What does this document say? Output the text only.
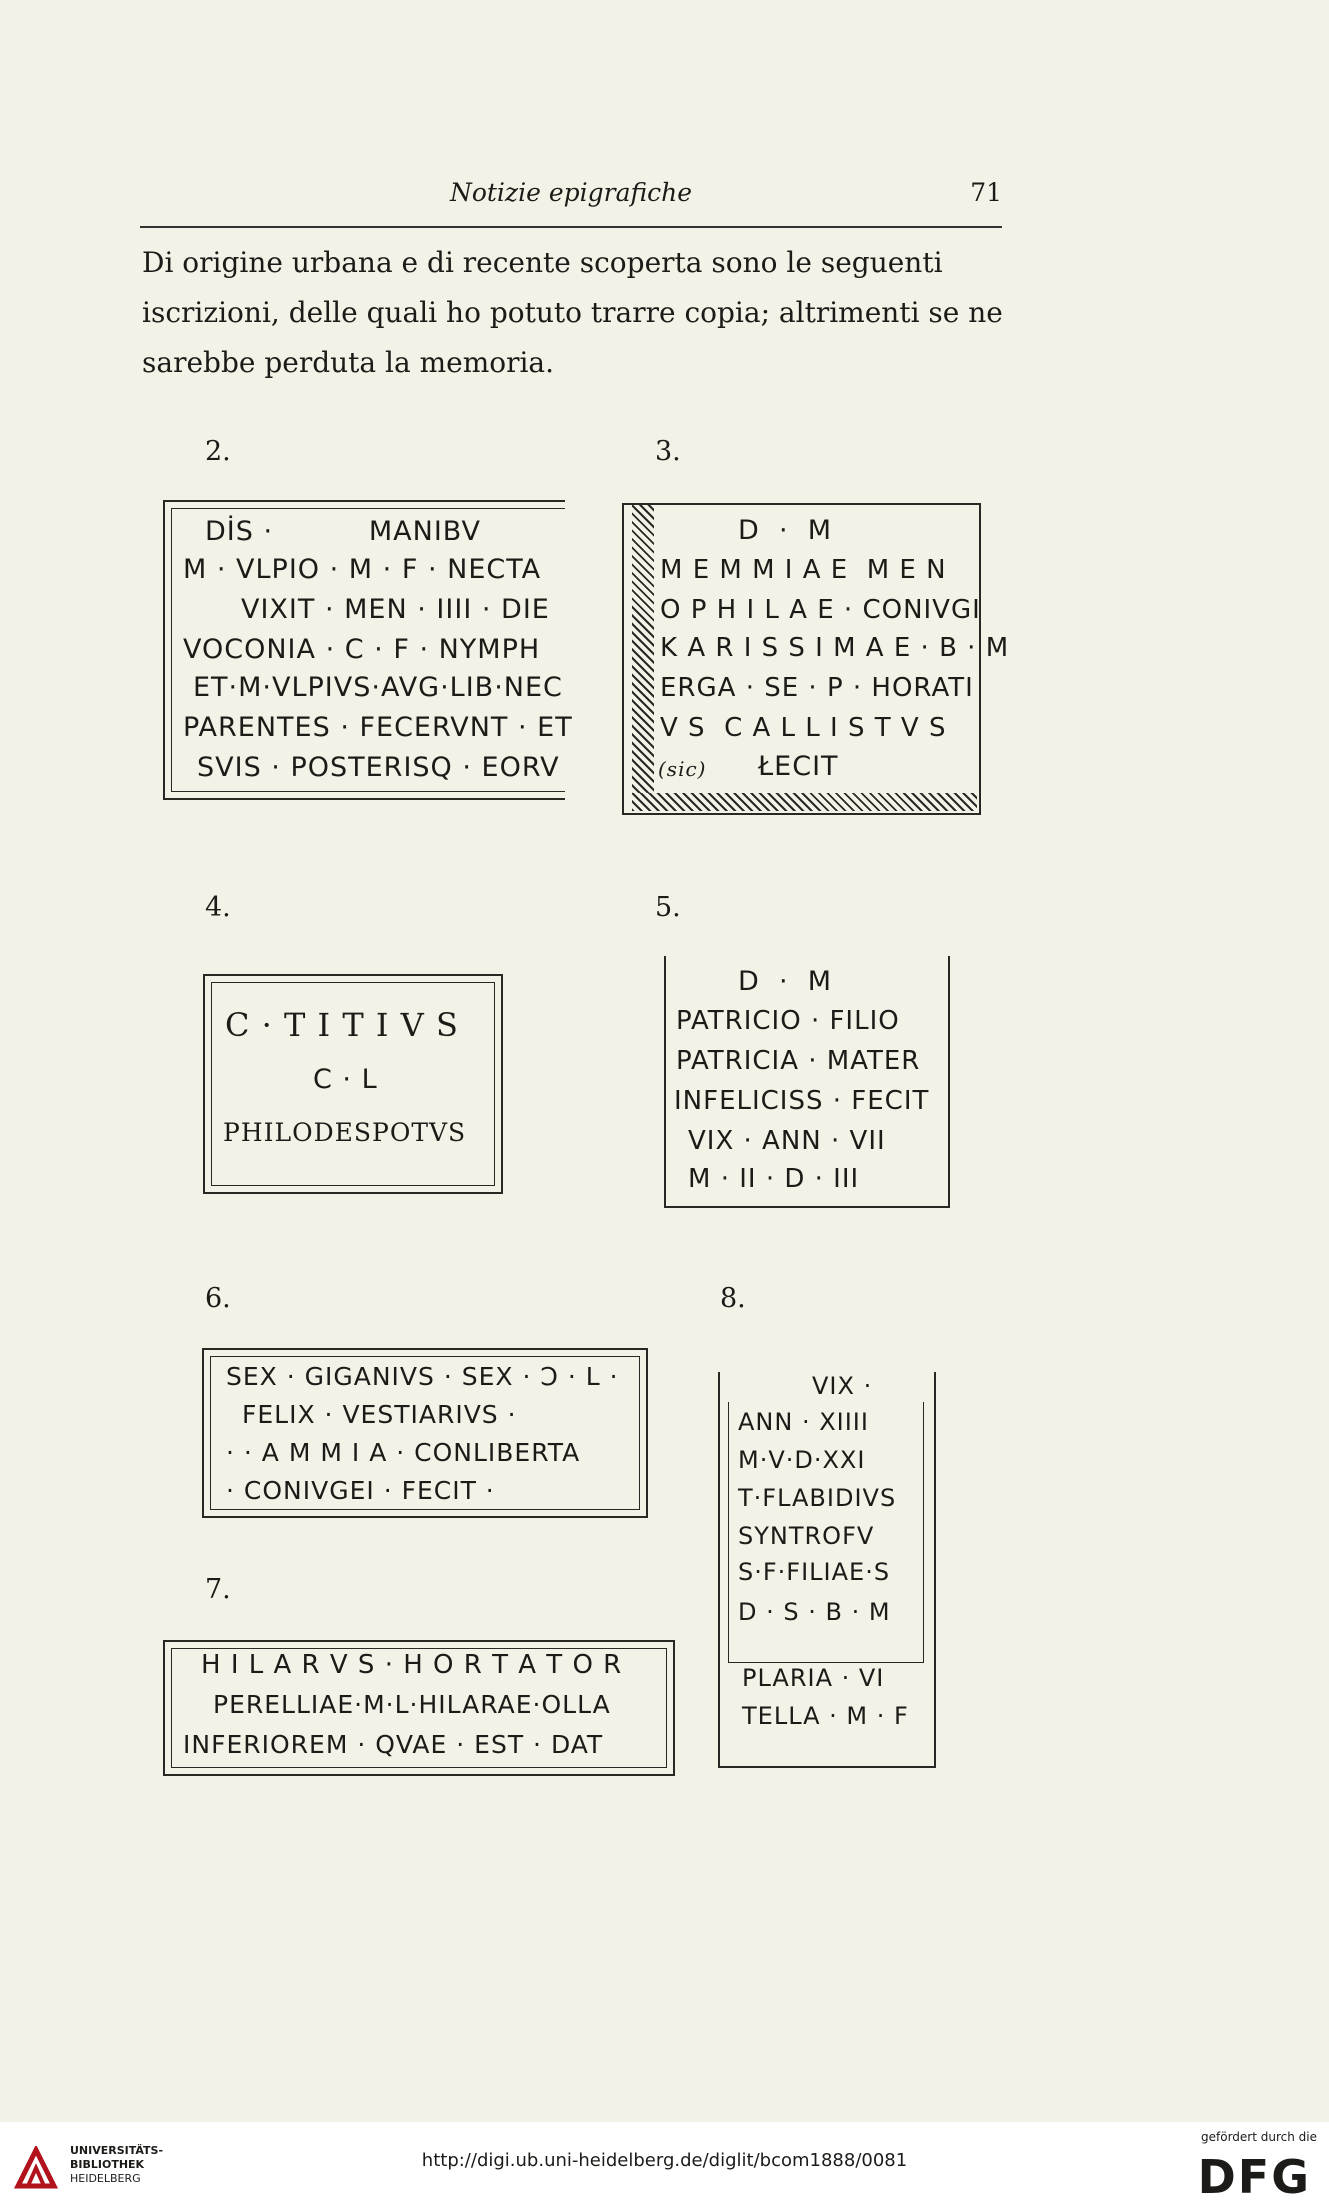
Notizie epigrafiche	71
Di origine urbana e di recente scoperta sono le seguenti
iscrizioni, delle quali ho potuto trarre copia; altrimenti se ne
sarebbe perduta la memoria.
2.	3.
4.	5.
6.	8.
7.
DİS ·          MANIBV
M · VLPIO · M · F · NECTA
VIXIT · MEN · IIII · DIE
VOCONIA · C · F · NYMPH
ET·M·VLPIVS·AVG·LIB·NEC
PARENTES · FECERVNT · ET
SVIS · POSTERISQ · EORV
D  ·  M
M E M M I A E  M E N
O P H I L A E · CONIVGI
K A R I S S I M A E · B · M
ERGA · SE · P · HORATI
V S  C A L L I S T V S
(sic) ŁECIT
C · T I T I V S
C · L
PHILODESPOTVS
D  ·  M
PATRICIO · FILIO
PATRICIA · MATER
INFELICISS · FECIT
VIX · ANN · VII
M · II · D · III
SEX · GIGANIVS · SEX · Ͻ · L ·
FELIX · VESTIARIVS ·
· · A M M I A · CONLIBERTA
· CONIVGEI · FECIT ·
H I L A R V S · H O R T A T O R
PERELLIAE·M·L·HILARAE·OLLA
INFERIOREM · QVAE · EST · DAT
VIX ·
ANN · XIIII
M·V·D·XXI
T·FLABIDIVS
SYNTROFV
S·F·FILIAE·S
D · S · B · M
PLARIA · VI
TELLA · M · F
UNIVERSITÄTS-
BIBLIOTHEK
HEIDELBERG
http://digi.ub.uni-heidelberg.de/diglit/bcom1888/0081
gefördert durch die
DFG
